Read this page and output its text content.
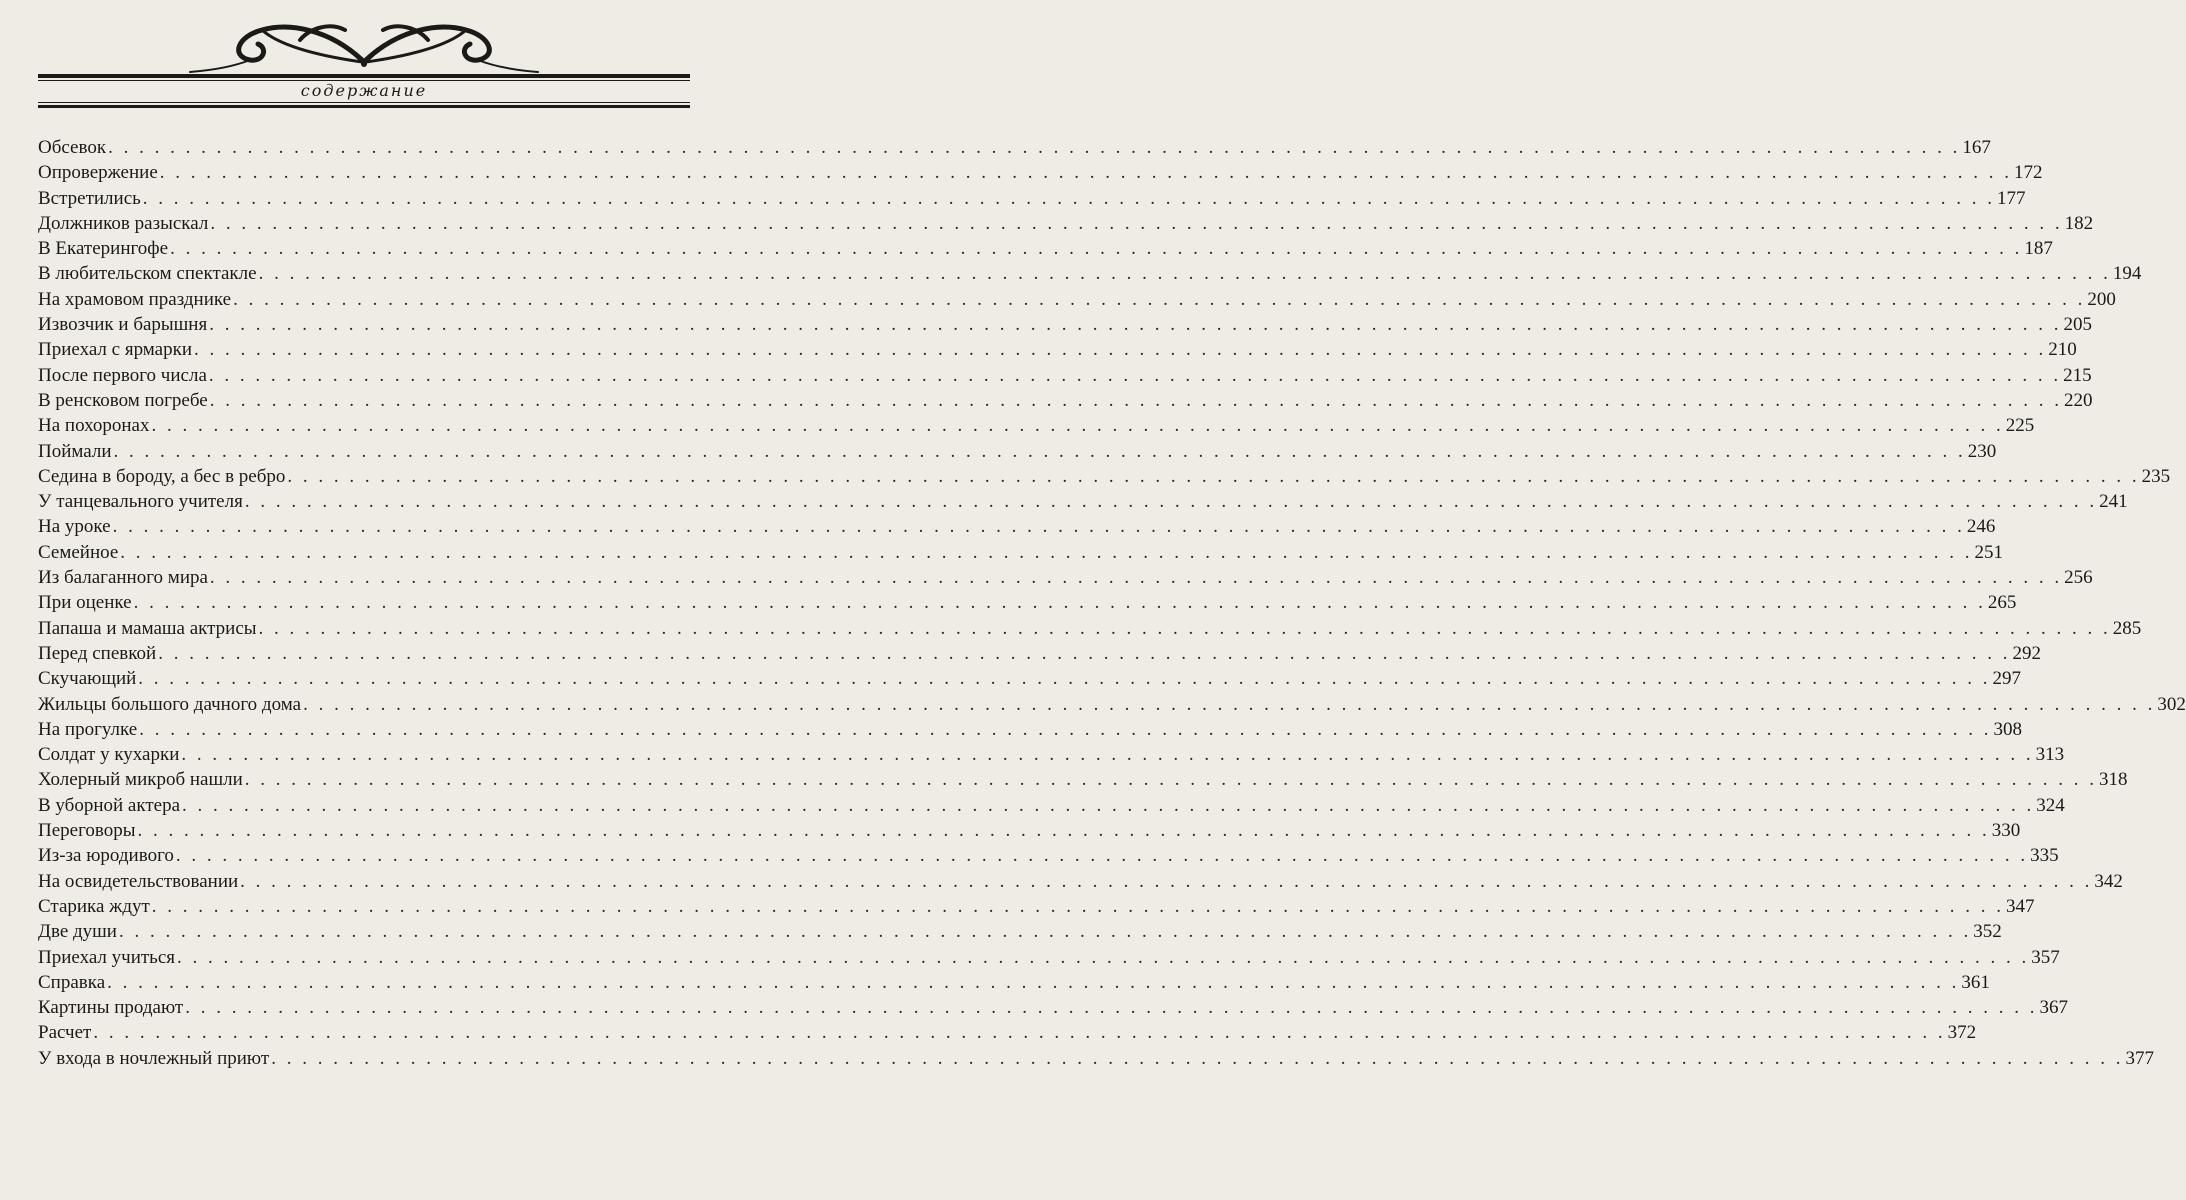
содержание
Обсевок . . . . . . . . . . . . . . . . . . . . . . . . . . . . . . . . . . . . . . . . . . . . . . . . . . . . . . . . . . . . . . . . . . . . . . . . . . . . . . . . . . . . . . . . . . . . . . . . . . . . . . . . . . . . . . . . . . . . . . . . 167
Опровержение . . . . . . . . . . . . . . . . . . . . . . . . . . . . . . . . . . . . . . . . . . . . . . . . . . . . . . . . . . . . . . . . . . . . . . . . . . . . . . . . . . . . . . . . . . . . . . . . . . . . . . . . . . . . . . . . . . . . . . . . 172
Встретились . . . . . . . . . . . . . . . . . . . . . . . . . . . . . . . . . . . . . . . . . . . . . . . . . . . . . . . . . . . . . . . . . . . . . . . . . . . . . . . . . . . . . . . . . . . . . . . . . . . . . . . . . . . . . . . . . . . . . . . . 177
Должников разыскал . . . . . . . . . . . . . . . . . . . . . . . . . . . . . . . . . . . . . . . . . . . . . . . . . . . . . . . . . . . . . . . . . . . . . . . . . . . . . . . . . . . . . . . . . . . . . . . . . . . . . . . . . . . . . . . . . . . . . . . . 182
В Екатерингофе . . . . . . . . . . . . . . . . . . . . . . . . . . . . . . . . . . . . . . . . . . . . . . . . . . . . . . . . . . . . . . . . . . . . . . . . . . . . . . . . . . . . . . . . . . . . . . . . . . . . . . . . . . . . . . . . . . . . . . . . 187
В любительском спектакле . . . . . . . . . . . . . . . . . . . . . . . . . . . . . . . . . . . . . . . . . . . . . . . . . . . . . . . . . . . . . . . . . . . . . . . . . . . . . . . . . . . . . . . . . . . . . . . . . . . . . . . . . . . . . . . . . . . . . . . . 194
На храмовом празднике . . . . . . . . . . . . . . . . . . . . . . . . . . . . . . . . . . . . . . . . . . . . . . . . . . . . . . . . . . . . . . . . . . . . . . . . . . . . . . . . . . . . . . . . . . . . . . . . . . . . . . . . . . . . . . . . . . . . . . . . 200
Извозчик и барышня . . . . . . . . . . . . . . . . . . . . . . . . . . . . . . . . . . . . . . . . . . . . . . . . . . . . . . . . . . . . . . . . . . . . . . . . . . . . . . . . . . . . . . . . . . . . . . . . . . . . . . . . . . . . . . . . . . . . . . . . 205
Приехал с ярмарки . . . . . . . . . . . . . . . . . . . . . . . . . . . . . . . . . . . . . . . . . . . . . . . . . . . . . . . . . . . . . . . . . . . . . . . . . . . . . . . . . . . . . . . . . . . . . . . . . . . . . . . . . . . . . . . . . . . . . . . . 210
После первого числа . . . . . . . . . . . . . . . . . . . . . . . . . . . . . . . . . . . . . . . . . . . . . . . . . . . . . . . . . . . . . . . . . . . . . . . . . . . . . . . . . . . . . . . . . . . . . . . . . . . . . . . . . . . . . . . . . . . . . . . . 215
В ренсковом погребе . . . . . . . . . . . . . . . . . . . . . . . . . . . . . . . . . . . . . . . . . . . . . . . . . . . . . . . . . . . . . . . . . . . . . . . . . . . . . . . . . . . . . . . . . . . . . . . . . . . . . . . . . . . . . . . . . . . . . . . . 220
На похоронах . . . . . . . . . . . . . . . . . . . . . . . . . . . . . . . . . . . . . . . . . . . . . . . . . . . . . . . . . . . . . . . . . . . . . . . . . . . . . . . . . . . . . . . . . . . . . . . . . . . . . . . . . . . . . . . . . . . . . . . . 225
Поймали . . . . . . . . . . . . . . . . . . . . . . . . . . . . . . . . . . . . . . . . . . . . . . . . . . . . . . . . . . . . . . . . . . . . . . . . . . . . . . . . . . . . . . . . . . . . . . . . . . . . . . . . . . . . . . . . . . . . . . . . 230
Седина в бороду, а бес в ребро . . . . . . . . . . . . . . . . . . . . . . . . . . . . . . . . . . . . . . . . . . . . . . . . . . . . . . . . . . . . . . . . . . . . . . . . . . . . . . . . . . . . . . . . . . . . . . . . . . . . . . . . . . . . . . . . . . . . . . . . 235
У танцевального учителя . . . . . . . . . . . . . . . . . . . . . . . . . . . . . . . . . . . . . . . . . . . . . . . . . . . . . . . . . . . . . . . . . . . . . . . . . . . . . . . . . . . . . . . . . . . . . . . . . . . . . . . . . . . . . . . . . . . . . . . . 241
На уроке . . . . . . . . . . . . . . . . . . . . . . . . . . . . . . . . . . . . . . . . . . . . . . . . . . . . . . . . . . . . . . . . . . . . . . . . . . . . . . . . . . . . . . . . . . . . . . . . . . . . . . . . . . . . . . . . . . . . . . . . 246
Семейное . . . . . . . . . . . . . . . . . . . . . . . . . . . . . . . . . . . . . . . . . . . . . . . . . . . . . . . . . . . . . . . . . . . . . . . . . . . . . . . . . . . . . . . . . . . . . . . . . . . . . . . . . . . . . . . . . . . . . . . . 251
Из балаганного мира . . . . . . . . . . . . . . . . . . . . . . . . . . . . . . . . . . . . . . . . . . . . . . . . . . . . . . . . . . . . . . . . . . . . . . . . . . . . . . . . . . . . . . . . . . . . . . . . . . . . . . . . . . . . . . . . . . . . . . . . 256
При оценке . . . . . . . . . . . . . . . . . . . . . . . . . . . . . . . . . . . . . . . . . . . . . . . . . . . . . . . . . . . . . . . . . . . . . . . . . . . . . . . . . . . . . . . . . . . . . . . . . . . . . . . . . . . . . . . . . . . . . . . . 265
Папаша и мамаша актрисы . . . . . . . . . . . . . . . . . . . . . . . . . . . . . . . . . . . . . . . . . . . . . . . . . . . . . . . . . . . . . . . . . . . . . . . . . . . . . . . . . . . . . . . . . . . . . . . . . . . . . . . . . . . . . . . . . . . . . . . . 285
Перед спевкой . . . . . . . . . . . . . . . . . . . . . . . . . . . . . . . . . . . . . . . . . . . . . . . . . . . . . . . . . . . . . . . . . . . . . . . . . . . . . . . . . . . . . . . . . . . . . . . . . . . . . . . . . . . . . . . . . . . . . . . . 292
Скучающий . . . . . . . . . . . . . . . . . . . . . . . . . . . . . . . . . . . . . . . . . . . . . . . . . . . . . . . . . . . . . . . . . . . . . . . . . . . . . . . . . . . . . . . . . . . . . . . . . . . . . . . . . . . . . . . . . . . . . . . . 297
Жильцы большого дачного дома . . . . . . . . . . . . . . . . . . . . . . . . . . . . . . . . . . . . . . . . . . . . . . . . . . . . . . . . . . . . . . . . . . . . . . . . . . . . . . . . . . . . . . . . . . . . . . . . . . . . . . . . . . . . . . . . . . . . . . . . 302
На прогулке . . . . . . . . . . . . . . . . . . . . . . . . . . . . . . . . . . . . . . . . . . . . . . . . . . . . . . . . . . . . . . . . . . . . . . . . . . . . . . . . . . . . . . . . . . . . . . . . . . . . . . . . . . . . . . . . . . . . . . . . 308
Солдат у кухарки . . . . . . . . . . . . . . . . . . . . . . . . . . . . . . . . . . . . . . . . . . . . . . . . . . . . . . . . . . . . . . . . . . . . . . . . . . . . . . . . . . . . . . . . . . . . . . . . . . . . . . . . . . . . . . . . . . . . . . . . 313
Холерный микроб нашли . . . . . . . . . . . . . . . . . . . . . . . . . . . . . . . . . . . . . . . . . . . . . . . . . . . . . . . . . . . . . . . . . . . . . . . . . . . . . . . . . . . . . . . . . . . . . . . . . . . . . . . . . . . . . . . . . . . . . . . . 318
В уборной актера . . . . . . . . . . . . . . . . . . . . . . . . . . . . . . . . . . . . . . . . . . . . . . . . . . . . . . . . . . . . . . . . . . . . . . . . . . . . . . . . . . . . . . . . . . . . . . . . . . . . . . . . . . . . . . . . . . . . . . . . 324
Переговоры . . . . . . . . . . . . . . . . . . . . . . . . . . . . . . . . . . . . . . . . . . . . . . . . . . . . . . . . . . . . . . . . . . . . . . . . . . . . . . . . . . . . . . . . . . . . . . . . . . . . . . . . . . . . . . . . . . . . . . . . 330
Из-за юродивого . . . . . . . . . . . . . . . . . . . . . . . . . . . . . . . . . . . . . . . . . . . . . . . . . . . . . . . . . . . . . . . . . . . . . . . . . . . . . . . . . . . . . . . . . . . . . . . . . . . . . . . . . . . . . . . . . . . . . . . . 335
На освидетельствовании . . . . . . . . . . . . . . . . . . . . . . . . . . . . . . . . . . . . . . . . . . . . . . . . . . . . . . . . . . . . . . . . . . . . . . . . . . . . . . . . . . . . . . . . . . . . . . . . . . . . . . . . . . . . . . . . . . . . . . . . 342
Старика ждут . . . . . . . . . . . . . . . . . . . . . . . . . . . . . . . . . . . . . . . . . . . . . . . . . . . . . . . . . . . . . . . . . . . . . . . . . . . . . . . . . . . . . . . . . . . . . . . . . . . . . . . . . . . . . . . . . . . . . . . . 347
Две души . . . . . . . . . . . . . . . . . . . . . . . . . . . . . . . . . . . . . . . . . . . . . . . . . . . . . . . . . . . . . . . . . . . . . . . . . . . . . . . . . . . . . . . . . . . . . . . . . . . . . . . . . . . . . . . . . . . . . . . . 352
Приехал учиться . . . . . . . . . . . . . . . . . . . . . . . . . . . . . . . . . . . . . . . . . . . . . . . . . . . . . . . . . . . . . . . . . . . . . . . . . . . . . . . . . . . . . . . . . . . . . . . . . . . . . . . . . . . . . . . . . . . . . . . . 357
Справка . . . . . . . . . . . . . . . . . . . . . . . . . . . . . . . . . . . . . . . . . . . . . . . . . . . . . . . . . . . . . . . . . . . . . . . . . . . . . . . . . . . . . . . . . . . . . . . . . . . . . . . . . . . . . . . . . . . . . . . . 361
Картины продают . . . . . . . . . . . . . . . . . . . . . . . . . . . . . . . . . . . . . . . . . . . . . . . . . . . . . . . . . . . . . . . . . . . . . . . . . . . . . . . . . . . . . . . . . . . . . . . . . . . . . . . . . . . . . . . . . . . . . . . . 367
Расчет . . . . . . . . . . . . . . . . . . . . . . . . . . . . . . . . . . . . . . . . . . . . . . . . . . . . . . . . . . . . . . . . . . . . . . . . . . . . . . . . . . . . . . . . . . . . . . . . . . . . . . . . . . . . . . . . . . . . . . . . 372
У входа в ночлежный приют . . . . . . . . . . . . . . . . . . . . . . . . . . . . . . . . . . . . . . . . . . . . . . . . . . . . . . . . . . . . . . . . . . . . . . . . . . . . . . . . . . . . . . . . . . . . . . . . . . . . . . . . . . . . . . . . . . . . . . . . 377
